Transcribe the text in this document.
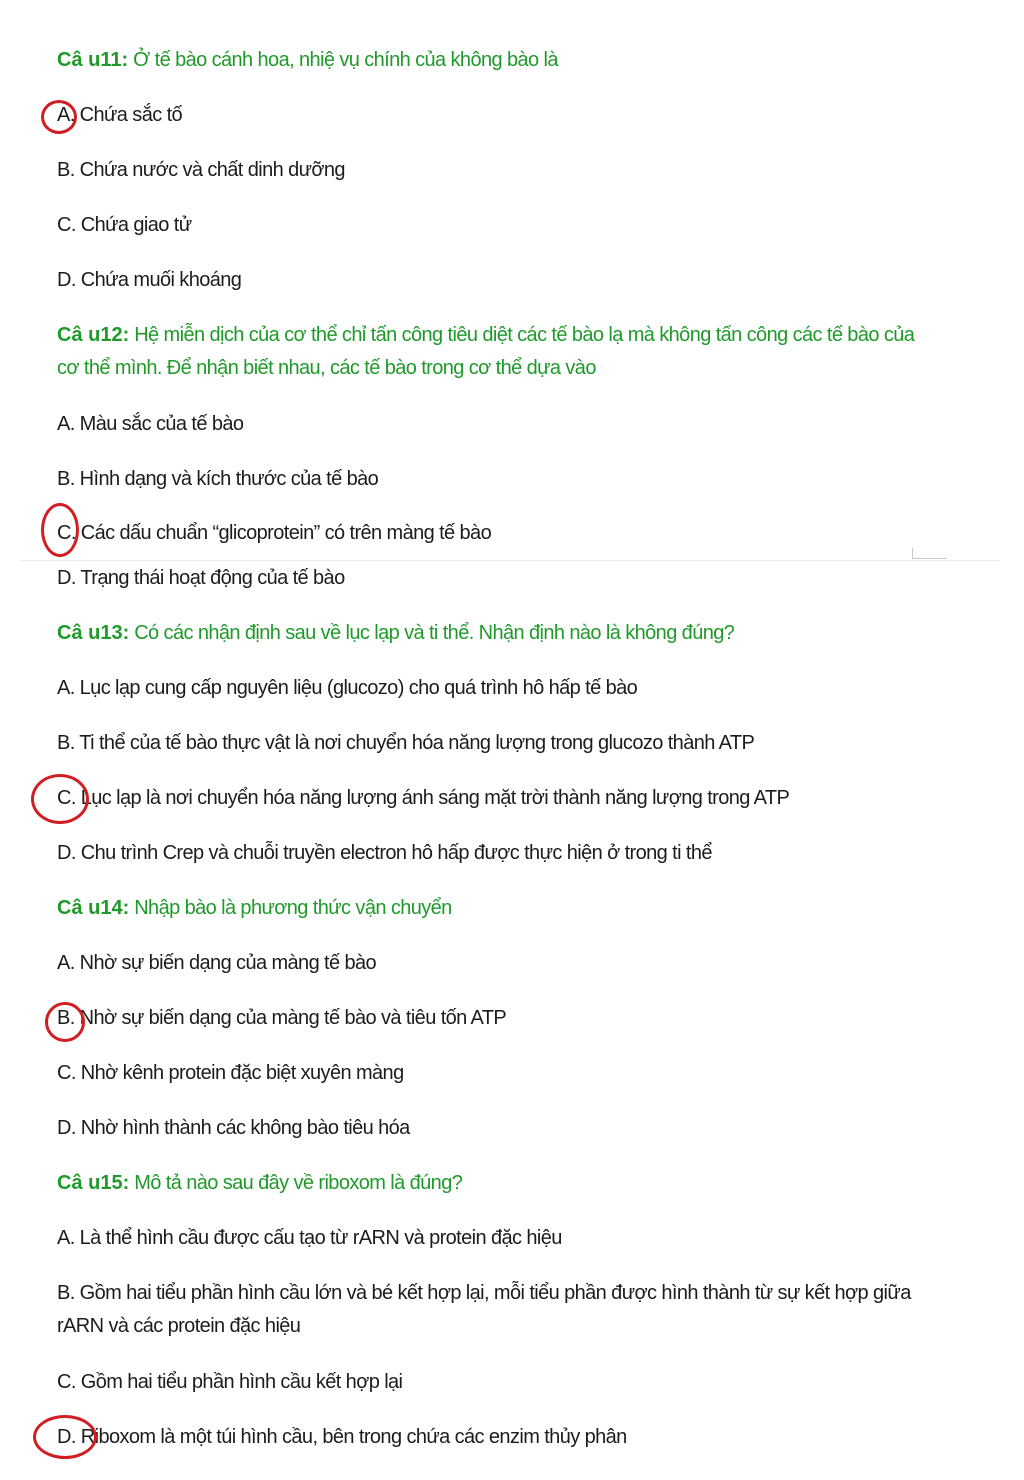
Câ u11: Ở tế bào cánh hoa, nhiệ vụ chính của không bào là
A. Chứa sắc tố
B. Chứa nước và chất dinh dưỡng
C. Chứa giao tử
D. Chứa muối khoáng
Câ u12: Hệ miễn dịch của cơ thể chỉ tấn công tiêu diệt các tế bào lạ mà không tấn công các tế bào của cơ thể mình. Để nhận biết nhau, các tế bào trong cơ thể dựa vào
A. Màu sắc của tế bào
B. Hình dạng và kích thước của tế bào
C. Các dấu chuẩn “glicoprotein” có trên màng tế bào
D. Trạng thái hoạt động của tế bào
Câ u13: Có các nhận định sau về lục lạp và ti thể. Nhận định nào là không đúng?
A. Lục lạp cung cấp nguyên liệu (glucozo) cho quá trình hô hấp tế bào
B. Ti thể của tế bào thực vật là nơi chuyển hóa năng lượng trong glucozo thành ATP
C. Lục lạp là nơi chuyển hóa năng lượng ánh sáng mặt trời thành năng lượng trong ATP
D. Chu trình Crep và chuỗi truyền electron hô hấp được thực hiện ở trong ti thể
Câ u14: Nhập bào là phương thức vận chuyển
A. Nhờ sự biến dạng của màng tế bào
B. Nhờ sự biến dạng của màng tế bào và tiêu tốn ATP
C. Nhờ kênh protein đặc biệt xuyên màng
D. Nhờ hình thành các không bào tiêu hóa
Câ u15: Mô tả nào sau đây về riboxom là đúng?
A. Là thể hình cầu được cấu tạo từ rARN và protein đặc hiệu
B. Gồm hai tiểu phần hình cầu lớn và bé kết hợp lại, mỗi tiểu phần được hình thành từ sự kết hợp giữa rARN và các protein đặc hiệu
C. Gồm hai tiểu phần hình cầu kết hợp lại
D. Riboxom là một túi hình cầu, bên trong chứa các enzim thủy phân
